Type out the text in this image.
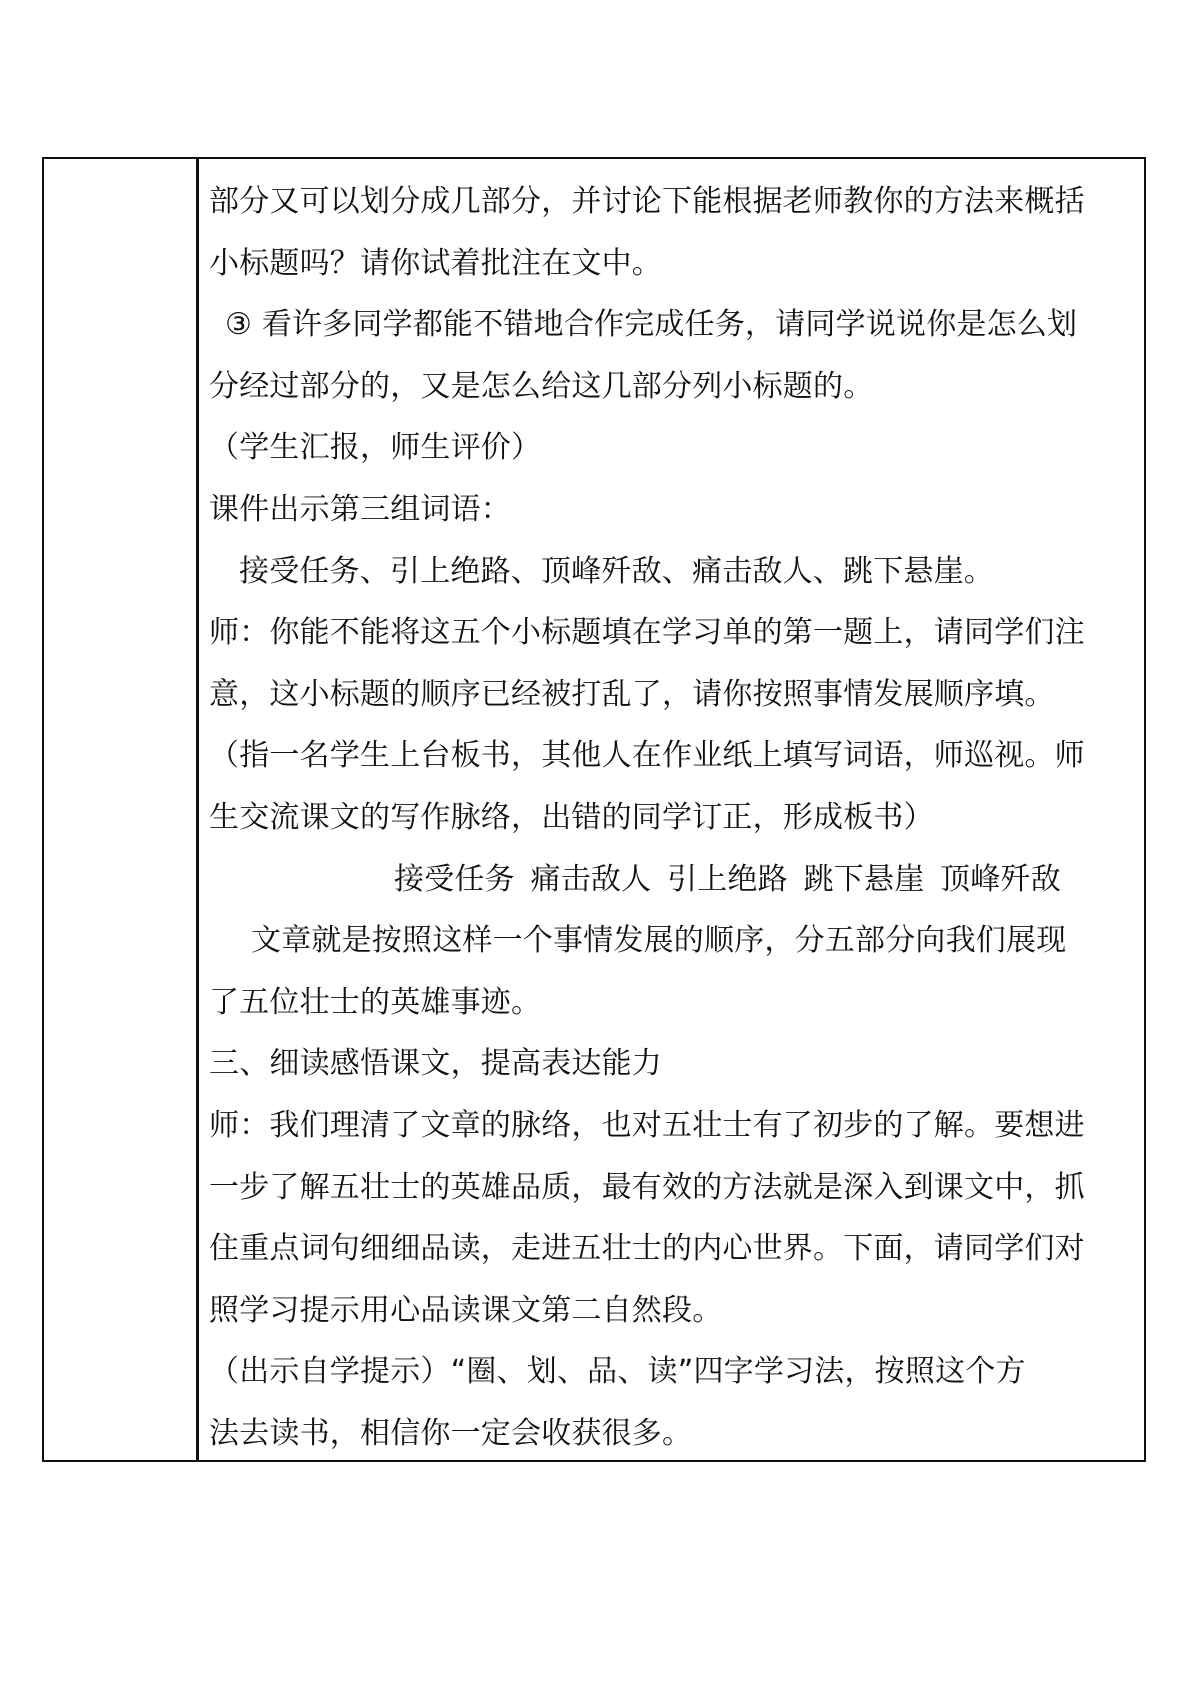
部分又可以划分成几部分，并讨论下能根据老师教你的方法来概括
小标题吗？请你试着批注在文中。
③ 看许多同学都能不错地合作完成任务，请同学说说你是怎么划
分经过部分的，又是怎么给这几部分列小标题的。
（学生汇报，师生评价）
课件出示第三组词语：
接受任务、引上绝路、顶峰歼敌、痛击敌人、跳下悬崖。
师：你能不能将这五个小标题填在学习单的第一题上，请同学们注
意，这小标题的顺序已经被打乱了，请你按照事情发展顺序填。
（指一名学生上台板书，其他人在作业纸上填写词语，师巡视。师
生交流课文的写作脉络，出错的同学订正，形成板书）
接受任务 痛击敌人 引上绝路 跳下悬崖 顶峰歼敌
文章就是按照这样一个事情发展的顺序，分五部分向我们展现
了五位壮士的英雄事迹。
三、细读感悟课文，提高表达能力
师：我们理清了文章的脉络，也对五壮士有了初步的了解。要想进
一步了解五壮士的英雄品质，最有效的方法就是深入到课文中，抓
住重点词句细细品读，走进五壮士的内心世界。下面，请同学们对
照学习提示用心品读课文第二自然段。
（出示自学提示）“圈、划、品、读”四字学习法，按照这个方
法去读书，相信你一定会收获很多。
